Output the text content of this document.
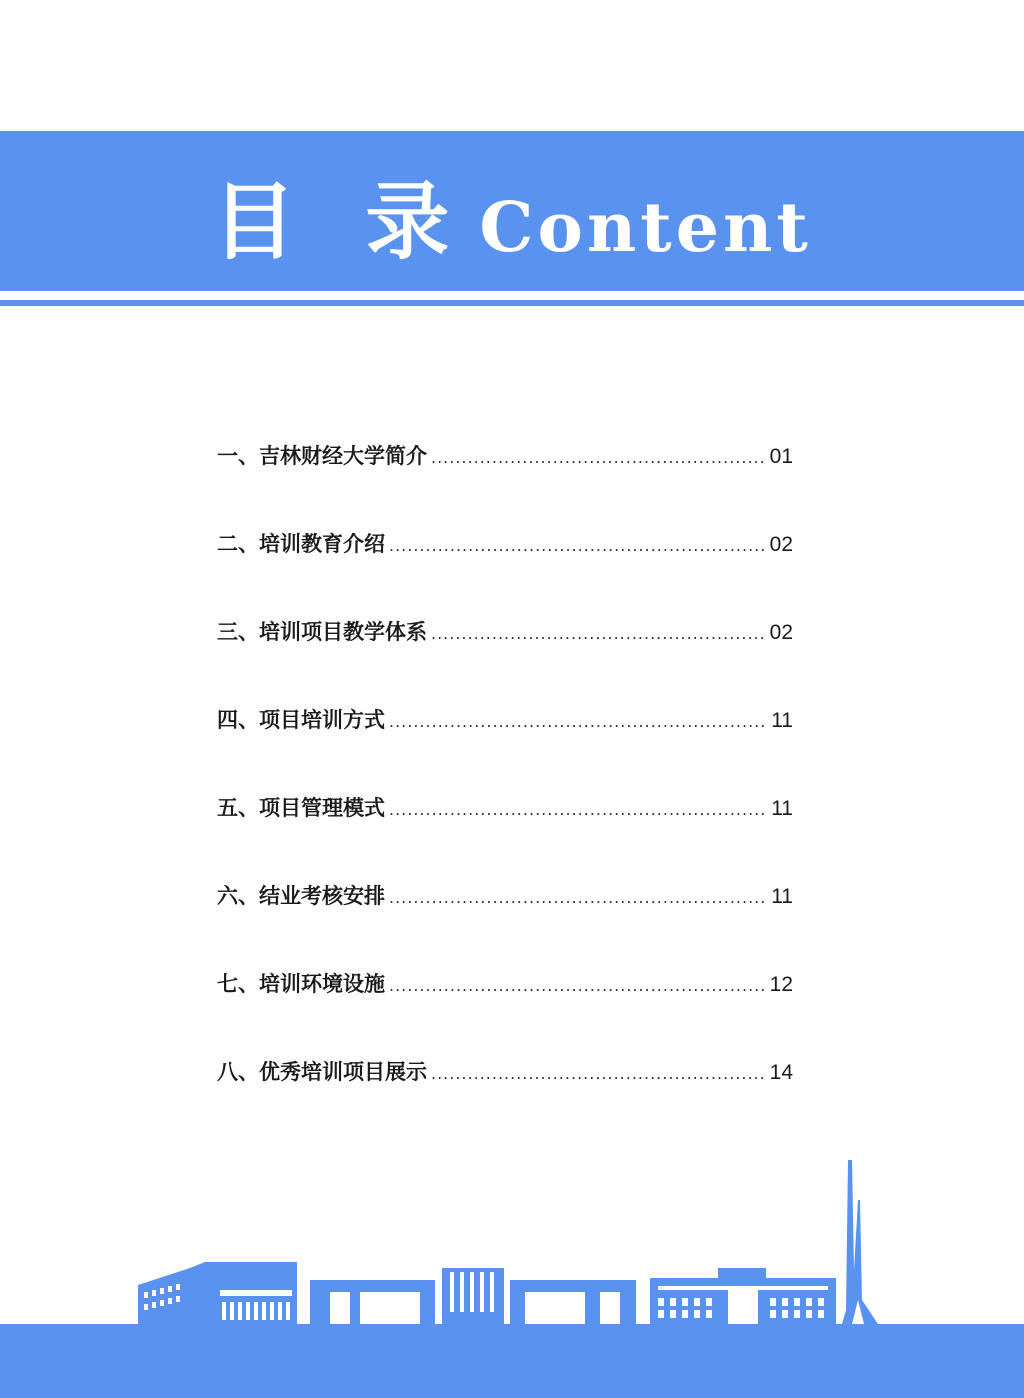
目 录 Content
一、吉林财经大学简介 .....	01
二、培训教育介绍 .....	02
三、培训项目教学体系 .....	02
四、项目培训方式 .....	11
五、项目管理模式 .....	11
六、结业考核安排 .....	11
七、培训环境设施 .....	12
八、优秀培训项目展示 .....	14
